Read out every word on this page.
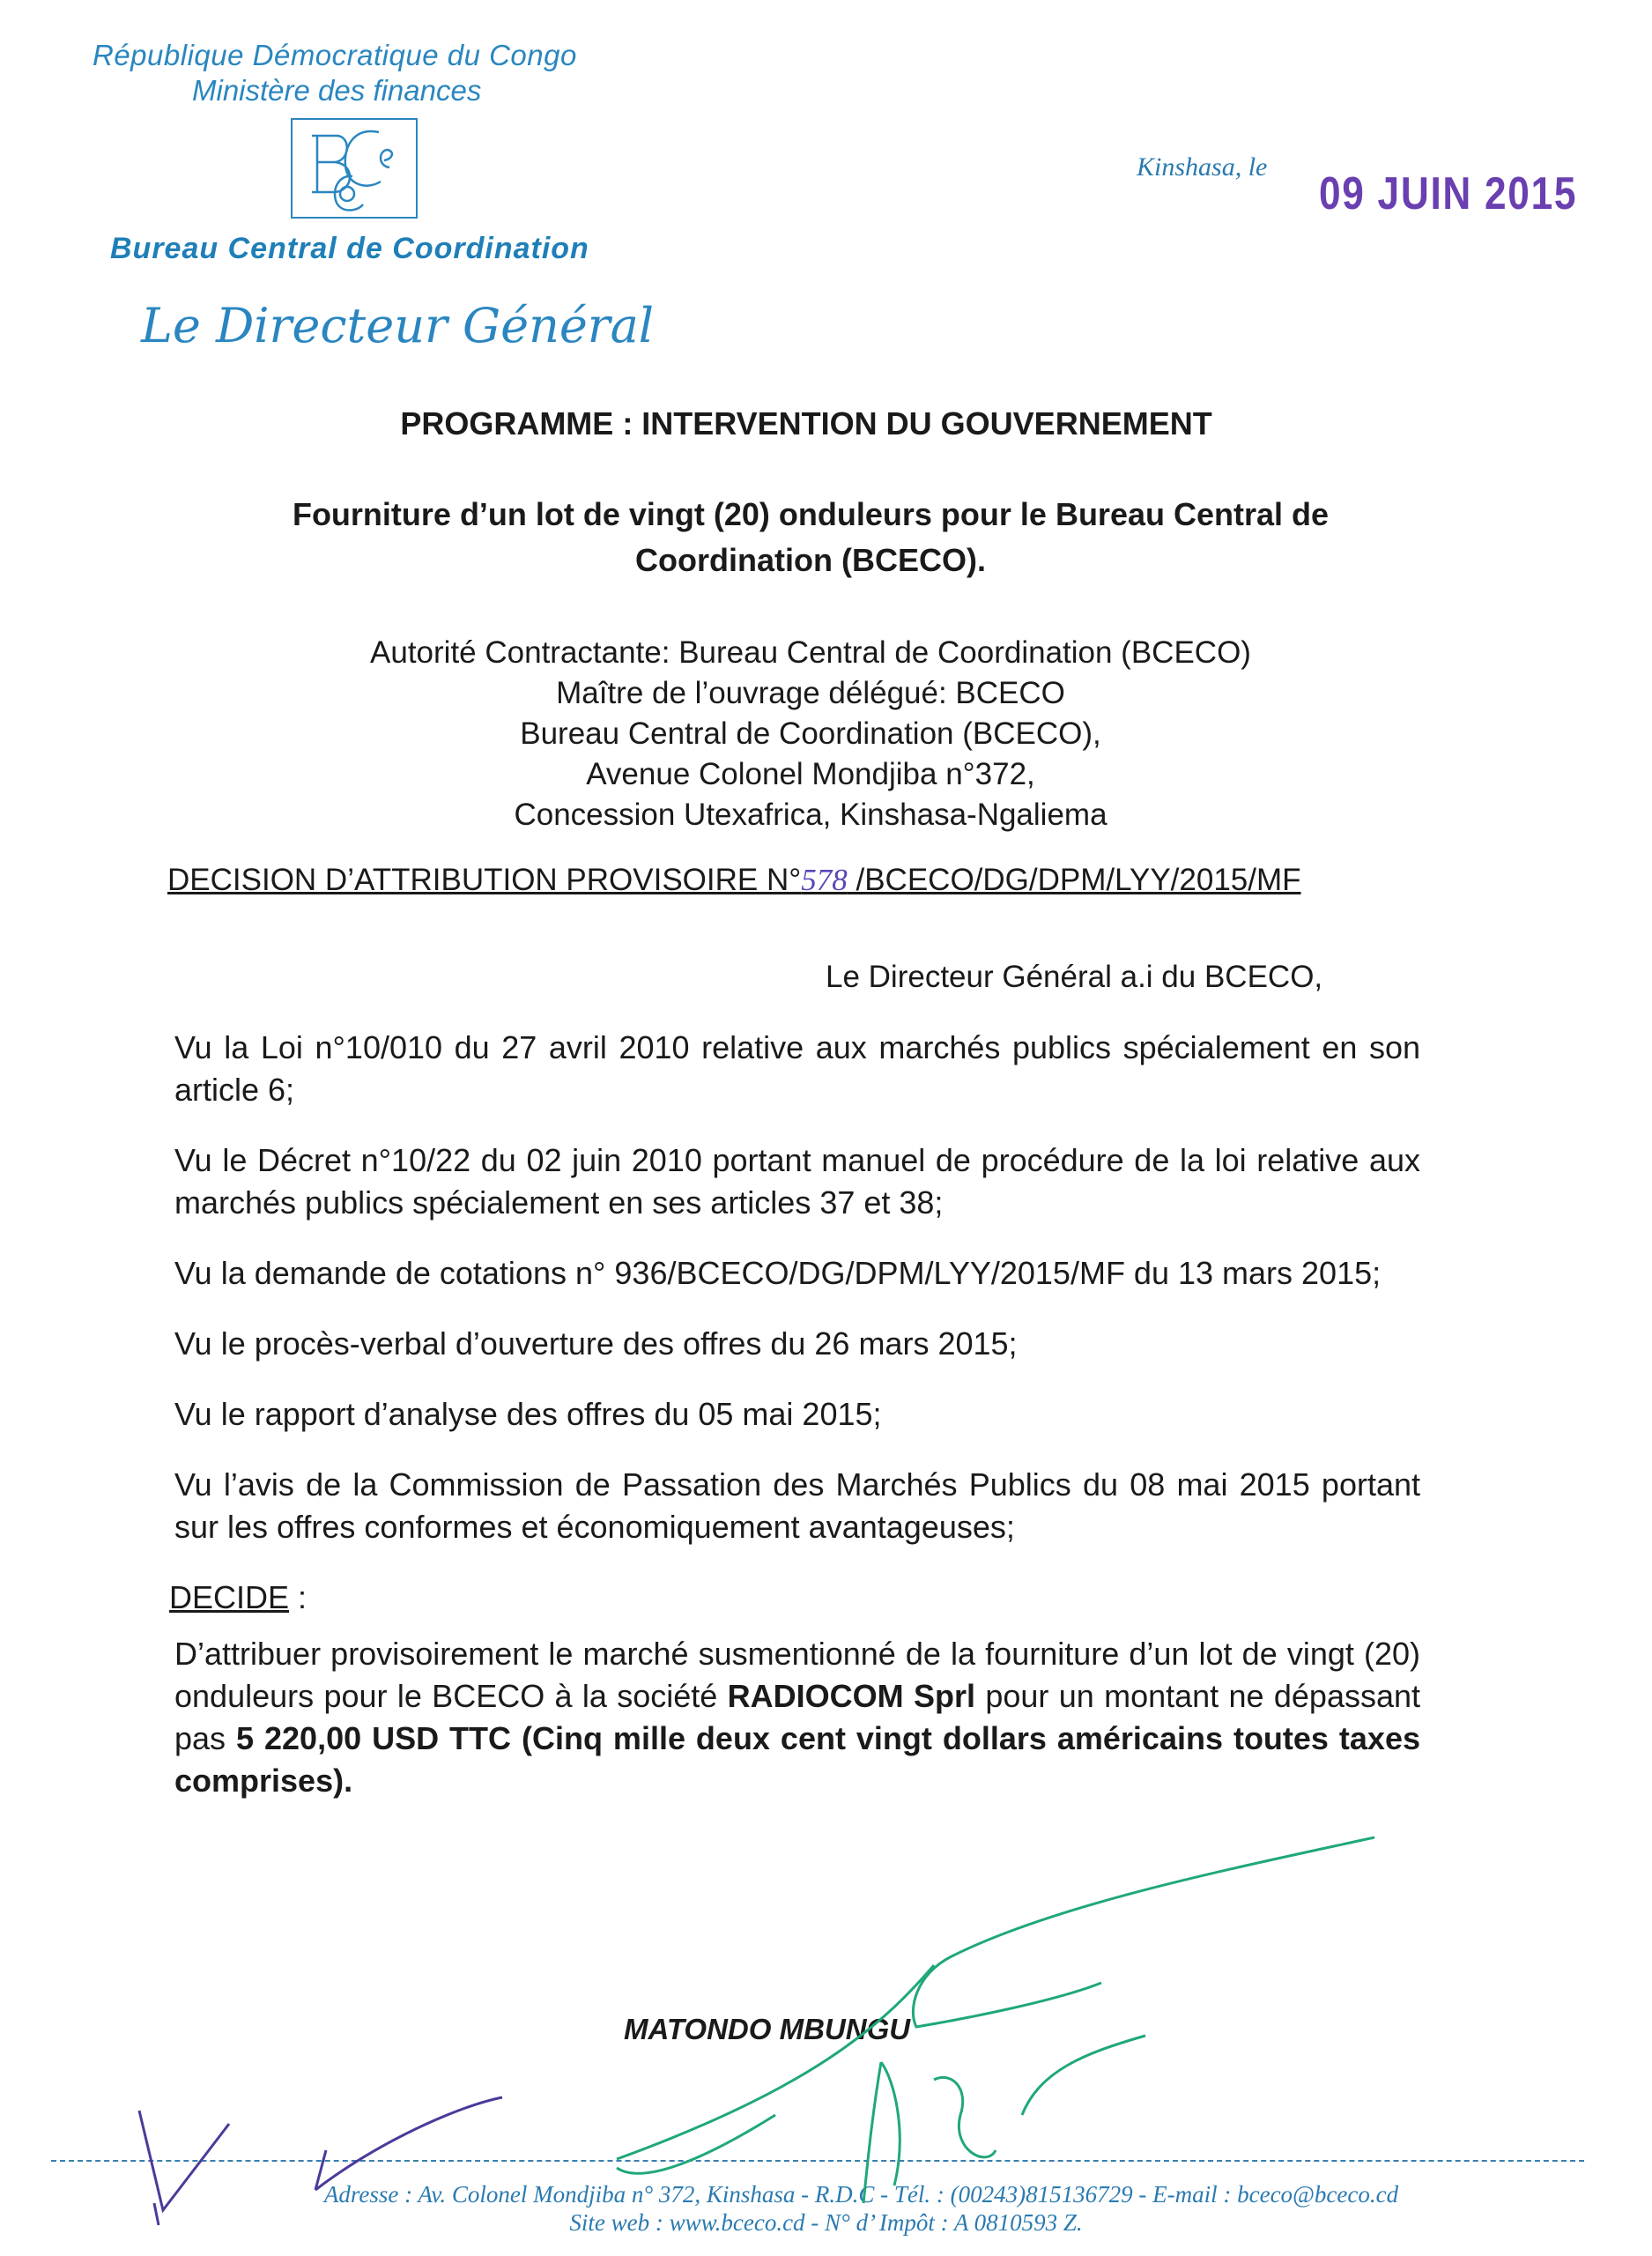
République Démocratique du Congo
Ministère des finances
Bureau Central de Coordination
Le Directeur Général
Kinshasa, le
09 JUIN 2015
PROGRAMME : INTERVENTION DU GOUVERNEMENT
Fourniture d’un lot de vingt (20) onduleurs pour le Bureau Central de Coordination (BCECO).
Autorité Contractante: Bureau Central de Coordination (BCECO)
Maître de l’ouvrage délégué: BCECO
Bureau Central de Coordination (BCECO),
Avenue Colonel Mondjiba n°372,
Concession Utexafrica, Kinshasa-Ngaliema
DECISION D’ATTRIBUTION PROVISOIRE N°578 /BCECO/DG/DPM/LYY/2015/MF
Le Directeur Général a.i du BCECO,
Vu la Loi n°10/010 du 27 avril 2010 relative aux marchés publics spécialement en son article 6;
Vu le Décret n°10/22 du 02 juin 2010 portant manuel de procédure de la loi relative aux marchés publics spécialement en ses articles 37 et 38;
Vu la demande de cotations n° 936/BCECO/DG/DPM/LYY/2015/MF du 13 mars 2015;
Vu le procès-verbal d’ouverture des offres du 26 mars 2015;
Vu le rapport d’analyse des offres du 05 mai 2015;
Vu l’avis de la Commission de Passation des Marchés Publics du 08 mai 2015 portant sur les offres conformes et économiquement avantageuses;
DECIDE :
D’attribuer provisoirement le marché susmentionné de la fourniture d’un lot de vingt (20) onduleurs pour le BCECO à la société RADIOCOM Sprl pour un montant ne dépassant pas 5 220,00 USD TTC (Cinq mille deux cent vingt dollars américains toutes taxes comprises).
MATONDO MBUNGU
Adresse : Av. Colonel Mondjiba n° 372, Kinshasa - R.D.C - Tél. : (00243)815136729 - E-mail : bceco@bceco.cd
Site web : www.bceco.cd - N° d’ Impôt : A 0810593 Z.
